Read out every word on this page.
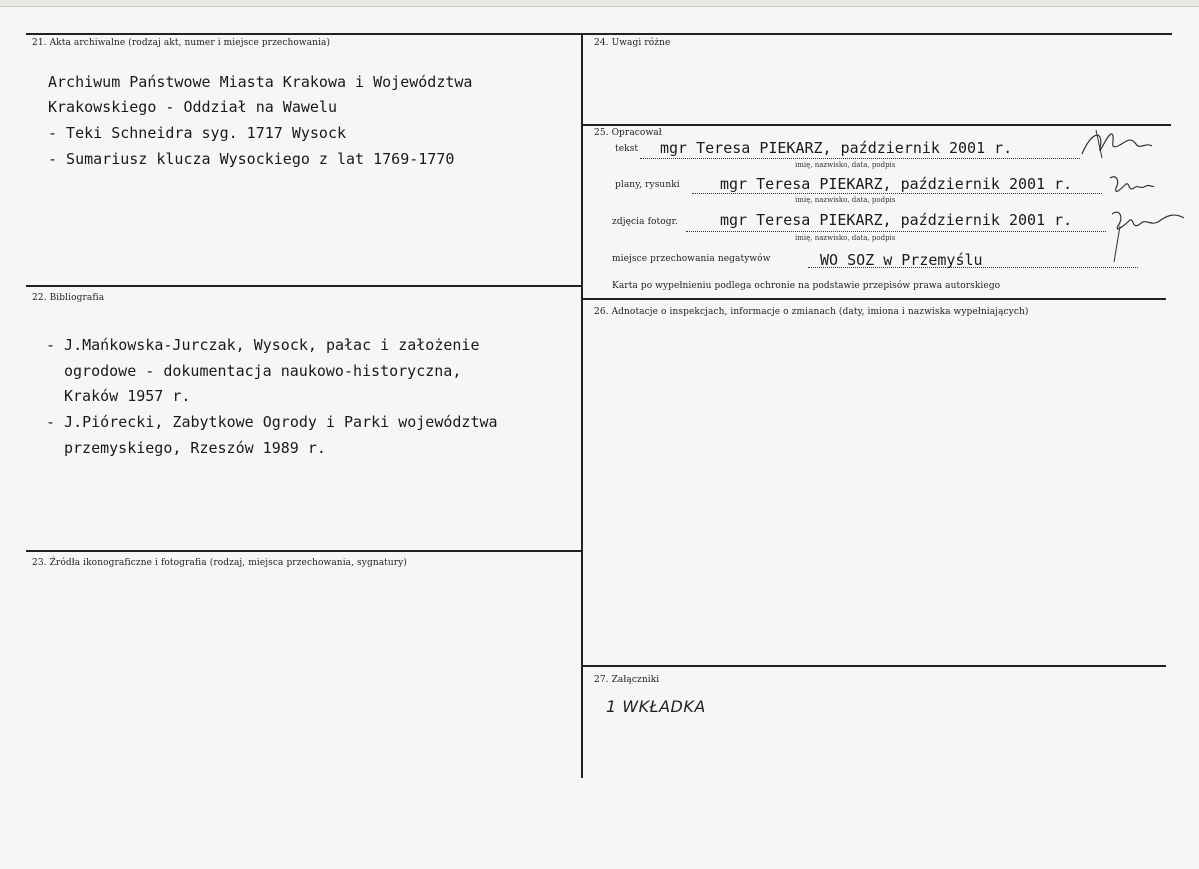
21. Akta archiwalne (rodzaj akt, numer i miejsce przechowania)
Archiwum Państwowe Miasta Krakowa i Województwa
Krakowskiego - Oddział na Wawelu
- Teki Schneidra syg. 1717 Wysock
- Sumariusz klucza Wysockiego z lat 1769-1770
22. Bibliografia
- J.Mańkowska-Jurczak, Wysock, pałac i założenie
ogrodowe - dokumentacja naukowo-historyczna,
Kraków 1957 r.
- J.Piórecki, Zabytkowe Ogrody i Parki województwa
przemyskiego, Rzeszów 1989 r.
23. Źródła ikonograficzne i fotografia (rodzaj, miejsca przechowania, sygnatury)
24. Uwagi różne
25. Opracował
tekst mgr Teresa PIEKARZ, październik 2001 r.
imię, nazwisko, data, podpis
plany, rysunki	mgr Teresa PIEKARZ, październik 2001 r.
imię, nazwisko, data, podpis
zdjęcia fotogr.	mgr Teresa PIEKARZ, październik 2001 r.
imię, nazwisko, data, podpis
miejsce przechowania negatywów	WO SOZ w Przemyślu
Karta po wypełnieniu podlega ochronie na podstawie przepisów prawa autorskiego
26. Adnotacje o inspekcjach, informacje o zmianach (daty, imiona i nazwiska wypełniających)
27. Załączniki
1 WKŁADKA
